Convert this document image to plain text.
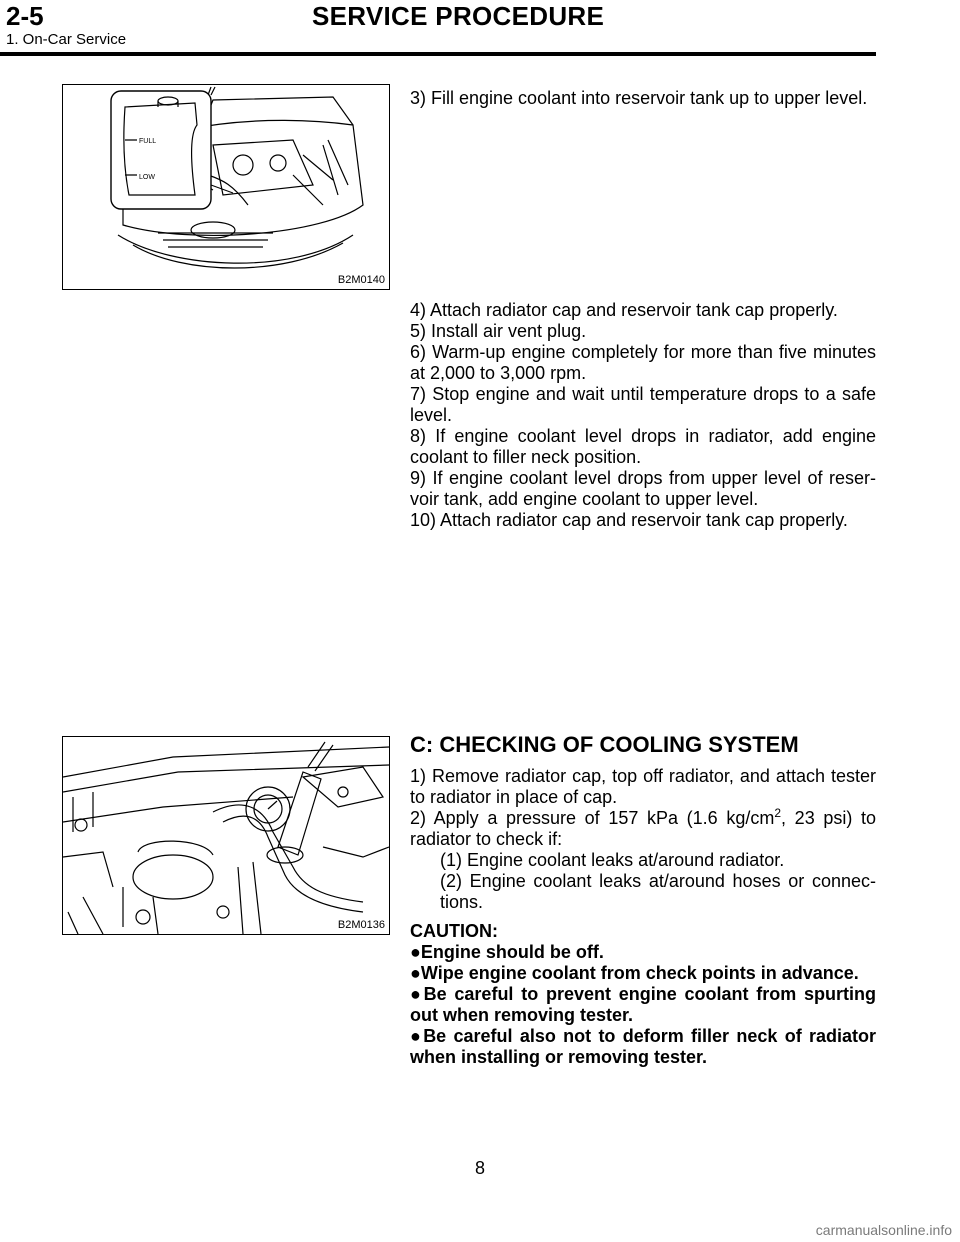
2-5	SERVICE PROCEDURE
1. On-Car Service
FULL
LOW
B2M0140

3) Fill engine coolant into reservoir tank up to upper level.

4) Attach radiator cap and reservoir tank cap properly.

5) Install air vent plug.

6) Warm-up engine completely for more than five minutes at 2,000 to 3,000 rpm.

7) Stop engine and wait until temperature drops to a safe level.

8) If engine coolant level drops in radiator, add engine coolant to filler neck position.

9) If engine coolant level drops from upper level of reser- voir tank, add engine coolant to upper level.

10) Attach radiator cap and reservoir tank cap properly.

B2M0136
C: CHECKING OF COOLING SYSTEM

1) Remove radiator cap, top off radiator, and attach tester to radiator in place of cap.

2) Apply a pressure of 157 kPa (1.6 $kg/cm^2$, 23 psi) to radiator to check if:

(1) Engine coolant leaks at/around radiator.

(2) Engine coolant leaks at/around hoses or connec- tions.

CAUTION:

●Engine should be off.

●Wipe engine coolant from check points in advance.

●Be careful to prevent engine coolant from spurting out when removing tester.

●Be careful also not to deform filler neck of radiator when installing or removing tester.

8
carmanualsonline.info
